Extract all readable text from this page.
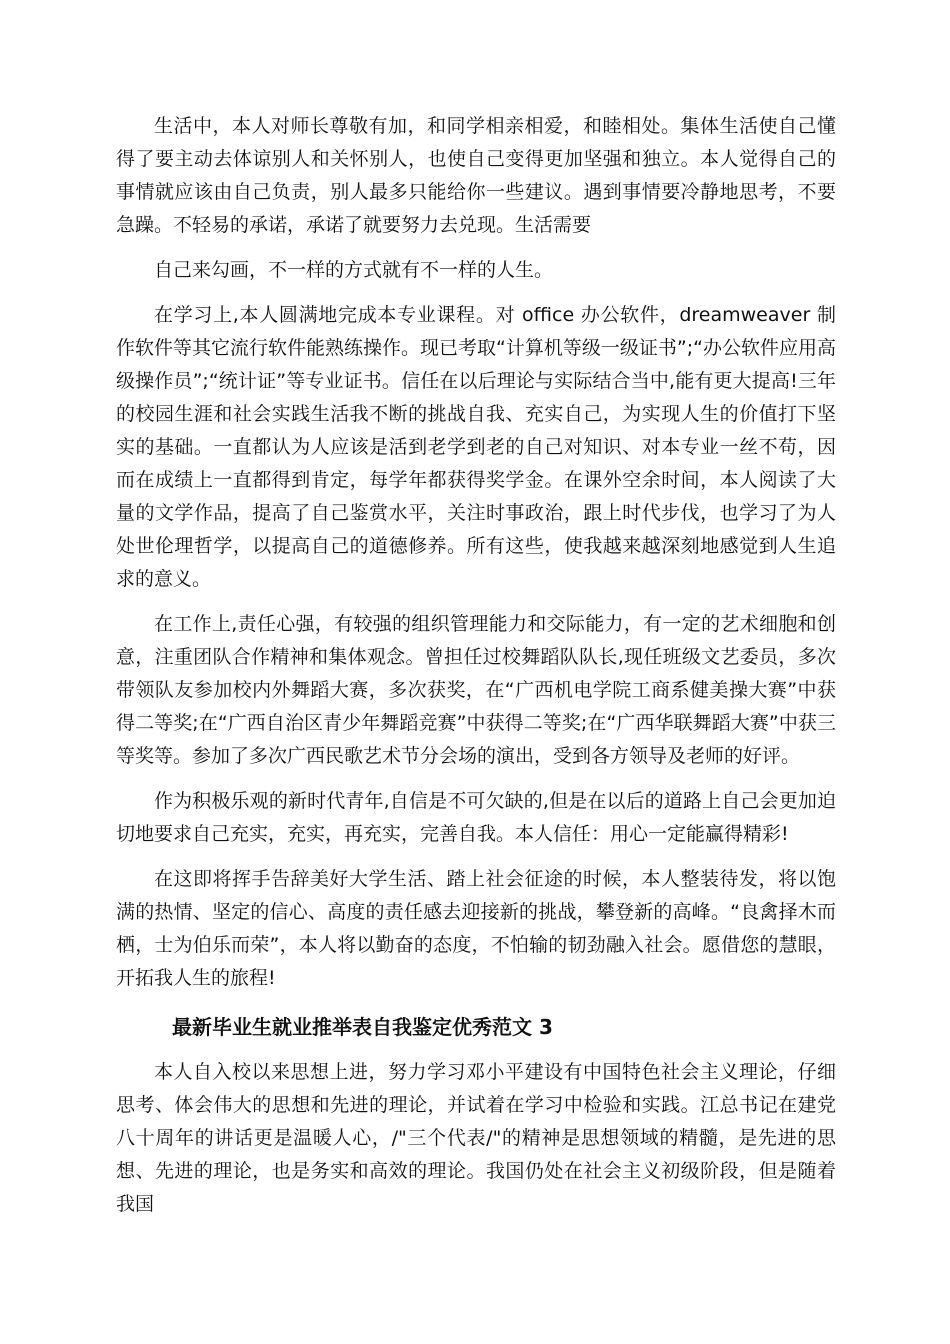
生活中，本人对师长尊敬有加，和同学相亲相爱，和睦相处。集体生活使自己懂得了要主动去体谅别人和关怀别人，也使自己变得更加坚强和独立。本人觉得自己的事情就应该由自己负责，别人最多只能给你一些建议。遇到事情要冷静地思考，不要急躁。不轻易的承诺，承诺了就要努力去兑现。生活需要

自己来勾画，不一样的方式就有不一样的人生。

在学习上,本人圆满地完成本专业课程。对 office 办公软件，dreamweaver 制作软件等其它流行软件能熟练操作。现已考取“计算机等级一级证书”;“办公软件应用高级操作员”;“统计证”等专业证书。信任在以后理论与实际结合当中,能有更大提高!三年的校园生涯和社会实践生活我不断的挑战自我、充实自己，为实现人生的价值打下坚实的基础。一直都认为人应该是活到老学到老的自己对知识、对本专业一丝不苟，因而在成绩上一直都得到肯定，每学年都获得奖学金。在课外空余时间，本人阅读了大量的文学作品，提高了自己鉴赏水平，关注时事政治，跟上时代步伐，也学习了为人处世伦理哲学，以提高自己的道德修养。所有这些，使我越来越深刻地感觉到人生追求的意义。

在工作上,责任心强，有较强的组织管理能力和交际能力，有一定的艺术细胞和创意，注重团队合作精神和集体观念。曾担任过校舞蹈队队长,现任班级文艺委员，多次带领队友参加校内外舞蹈大赛，多次获奖，在“广西机电学院工商系健美操大赛”中获得二等奖;在“广西自治区青少年舞蹈竞赛”中获得二等奖;在“广西华联舞蹈大赛”中获三等奖等。参加了多次广西民歌艺术节分会场的演出，受到各方领导及老师的好评。

作为积极乐观的新时代青年,自信是不可欠缺的,但是在以后的道路上自己会更加迫切地要求自己充实，充实，再充实，完善自我。本人信任：用心一定能赢得精彩!

在这即将挥手告辞美好大学生活、踏上社会征途的时候，本人整装待发，将以饱满的热情、坚定的信心、高度的责任感去迎接新的挑战，攀登新的高峰。“良禽择木而栖，士为伯乐而荣”，本人将以勤奋的态度，不怕输的韧劲融入社会。愿借您的慧眼，开拓我人生的旅程!

最新毕业生就业推举表自我鉴定优秀范文 3

本人自入校以来思想上进，努力学习邓小平建设有中国特色社会主义理论，仔细思考、体会伟大的思想和先进的理论，并试着在学习中检验和实践。江总书记在建党八十周年的讲话更是温暖人心，/"三个代表/"的精神是思想领域的精髓，是先进的思想、先进的理论，也是务实和高效的理论。我国仍处在社会主义初级阶段，但是随着我国
